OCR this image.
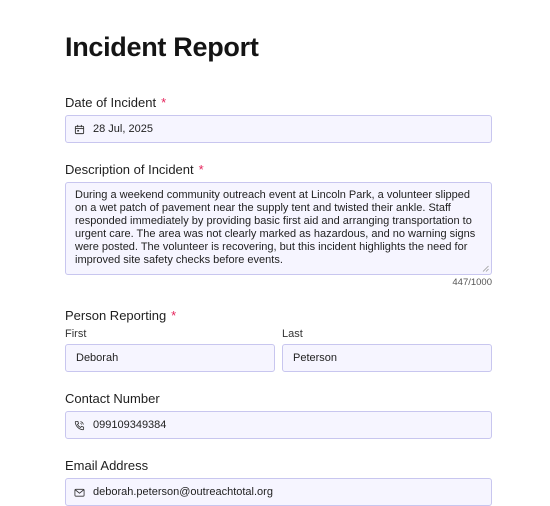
Incident Report
Date of Incident *
28 Jul, 2025
Description of Incident *
During a weekend community outreach event at Lincoln Park, a volunteer slipped on a wet patch of pavement near the supply tent and twisted their ankle. Staff responded immediately by providing basic first aid and arranging transportation to urgent care. The area was not clearly marked as hazardous, and no warning signs were posted. The volunteer is recovering, but this incident highlights the need for improved site safety checks before events.
447/1000
Person Reporting *
First	Last
Deborah	Peterson
Contact Number
099109349384
Email Address
deborah.peterson@outreachtotal.org
